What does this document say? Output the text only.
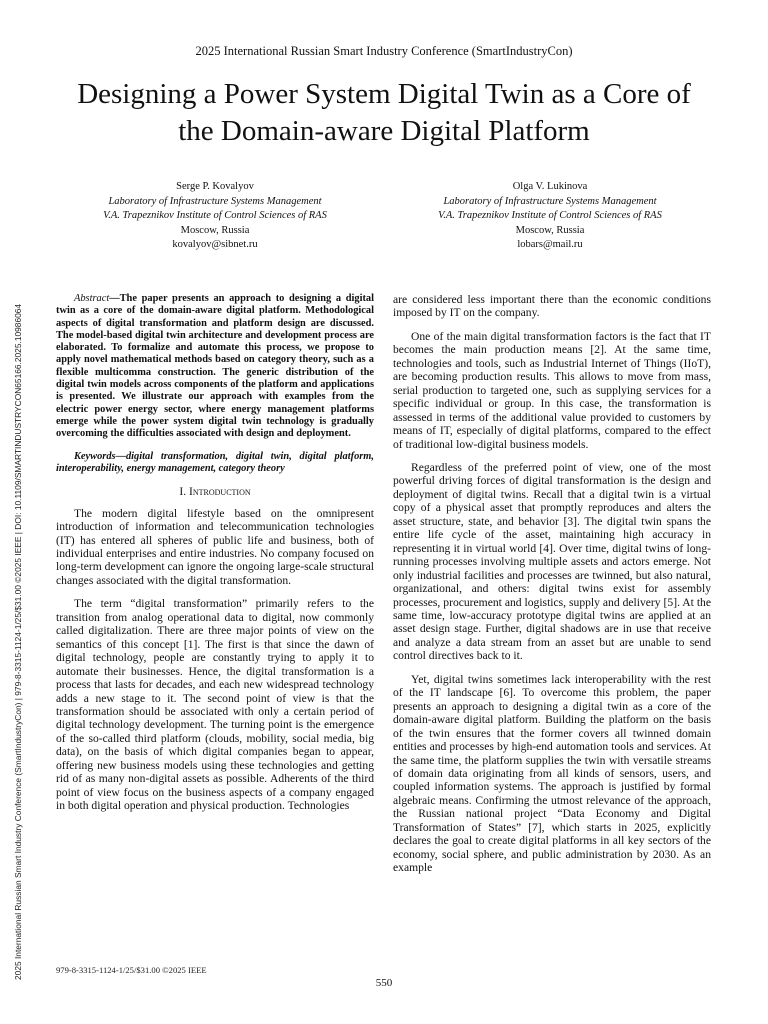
2025 International Russian Smart Industry Conference (SmartIndustryCon) | 979-8-3315-1124-1/25/$31.00 ©2025 IEEE | DOI: 10.1109/SMARTINDUSTRYCON65166.2025.10986064
2025 International Russian Smart Industry Conference (SmartIndustryCon)
Designing a Power System Digital Twin as a Core of
the Domain-aware Digital Platform
Serge P. Kovalyov
Laboratory of Infrastructure Systems Management
V.A. Trapeznikov Institute of Control Sciences of RAS
Moscow, Russia
kovalyov@sibnet.ru
Olga V. Lukinova
Laboratory of Infrastructure Systems Management
V.A. Trapeznikov Institute of Control Sciences of RAS
Moscow, Russia
lobars@mail.ru

Abstract—The paper presents an approach to designing a digital twin as a core of the domain-aware digital platform. Methodological aspects of digital transformation and platform design are discussed. The model-based digital twin architecture and development process are elaborated. To formalize and automate this process, we propose to apply novel mathematical methods based on category theory, such as a flexible multicomma construction. The generic distribution of the digital twin models across components of the platform and applications is presented. We illustrate our approach with examples from the electric power energy sector, where energy management platforms emerge while the power system digital twin technology is gradually overcoming the difficulties associated with design and deployment.

Keywords—digital transformation, digital twin, digital platform, interoperability, energy management, category theory

I. Introduction

The modern digital lifestyle based on the omnipresent introduction of information and telecommunication technologies (IT) has entered all spheres of public life and business, both of individual enterprises and entire industries. No company focused on long-term development can ignore the ongoing large-scale structural changes associated with the digital transformation.

The term “digital transformation” primarily refers to the transition from analog operational data to digital, now commonly called digitalization. There are three major points of view on the semantics of this concept [1]. The first is that since the dawn of digital technology, people are constantly trying to apply it to automate their businesses. Hence, the digital transformation is a process that lasts for decades, and each new widespread technology adds a new stage to it. The second point of view is that the transformation should be associated with only a certain period of digital technology development. The turning point is the emergence of the so-called third platform (clouds, mobility, social media, big data), on the basis of which digital companies began to appear, offering new business models using these technologies and getting rid of as many non-digital assets as possible. Adherents of the third point of view focus on the business aspects of a company engaged in both digital operation and physical production. Technologies

are considered less important there than the economic conditions imposed by IT on the company.

One of the main digital transformation factors is the fact that IT becomes the main production means [2]. At the same time, technologies and tools, such as Industrial Internet of Things (IIoT), are becoming production results. This allows to move from mass, serial production to targeted one, such as supplying services for a specific individual or group. In this case, the transformation is assessed in terms of the additional value provided to customers by means of IT, especially of digital platforms, compared to the effect of traditional low-digital business models.

Regardless of the preferred point of view, one of the most powerful driving forces of digital transformation is the design and deployment of digital twins. Recall that a digital twin is a virtual copy of a physical asset that promptly reproduces and alters the asset structure, state, and behavior [3]. The digital twin spans the entire life cycle of the asset, maintaining high accuracy in representing it in virtual world [4]. Over time, digital twins of long-running processes involving multiple assets and actors emerge. Not only industrial facilities and processes are twinned, but also natural, organizational, and others: digital twins exist for assembly processes, procurement and logistics, supply and delivery [5]. At the same time, low-accuracy prototype digital twins are applied at an asset design stage. Further, digital shadows are in use that receive and analyze a data stream from an asset but are unable to send control directives back to it.

Yet, digital twins sometimes lack interoperability with the rest of the IT landscape [6]. To overcome this problem, the paper presents an approach to designing a digital twin as a core of the domain-aware digital platform. Building the platform on the basis of the twin ensures that the former covers all twinned domain entities and processes by high-end automation tools and services. At the same time, the platform supplies the twin with versatile streams of domain data originating from all kinds of sensors, users, and coupled information systems. The approach is justified by formal algebraic means. Confirming the utmost relevance of the approach, the Russian national project “Data Economy and Digital Transformation of States” [7], which starts in 2025, explicitly declares the goal to create digital platforms in all key sectors of the economy, social sphere, and public administration by 2030. As an example

979-8-3315-1124-1/25/$31.00 ©2025 IEEE
550
